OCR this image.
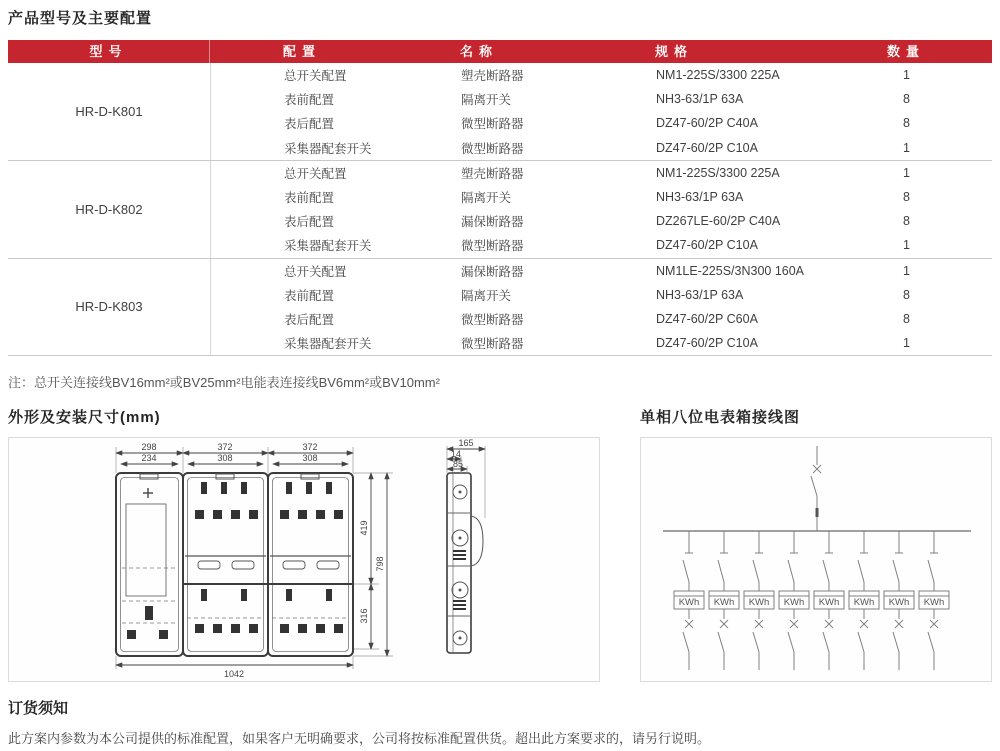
产品型号及主要配置
型号	配置	名称	规格	数量
HR-D-K801
总开关配置	塑壳断路器	NM1-225S/3300 225A	1
表前配置	隔离开关	NH3-63/1P 63A	8
表后配置	微型断路器	DZ47-60/2P C40A	8
采集器配套开关	微型断路器	DZ47-60/2P C10A	1
HR-D-K802
总开关配置	塑壳断路器	NM1-225S/3300 225A	1
表前配置	隔离开关	NH3-63/1P 63A	8
表后配置	漏保断路器	DZ267LE-60/2P C40A	8
采集器配套开关	微型断路器	DZ47-60/2P C10A	1
HR-D-K803
总开关配置	漏保断路器	NM1LE-225S/3N300 160A	1
表前配置	隔离开关	NH3-63/1P 63A	8
表后配置	微型断路器	DZ47-60/2P C60A	8
采集器配套开关	微型断路器	DZ47-60/2P C10A	1
注：总开关连接线BV16mm²或BV25mm²电能表连接线BV6mm²或BV10mm²
外形及安装尺寸(mm)
298	372	372
234	308	308
1042
419
316
798
165
14
85
单相八位电表箱接线图
KWh KWh KWh KWh KWh KWh KWh KWh
订货须知
此方案内参数为本公司提供的标准配置，如果客户无明确要求，公司将按标准配置供货。超出此方案要求的，请另行说明。
